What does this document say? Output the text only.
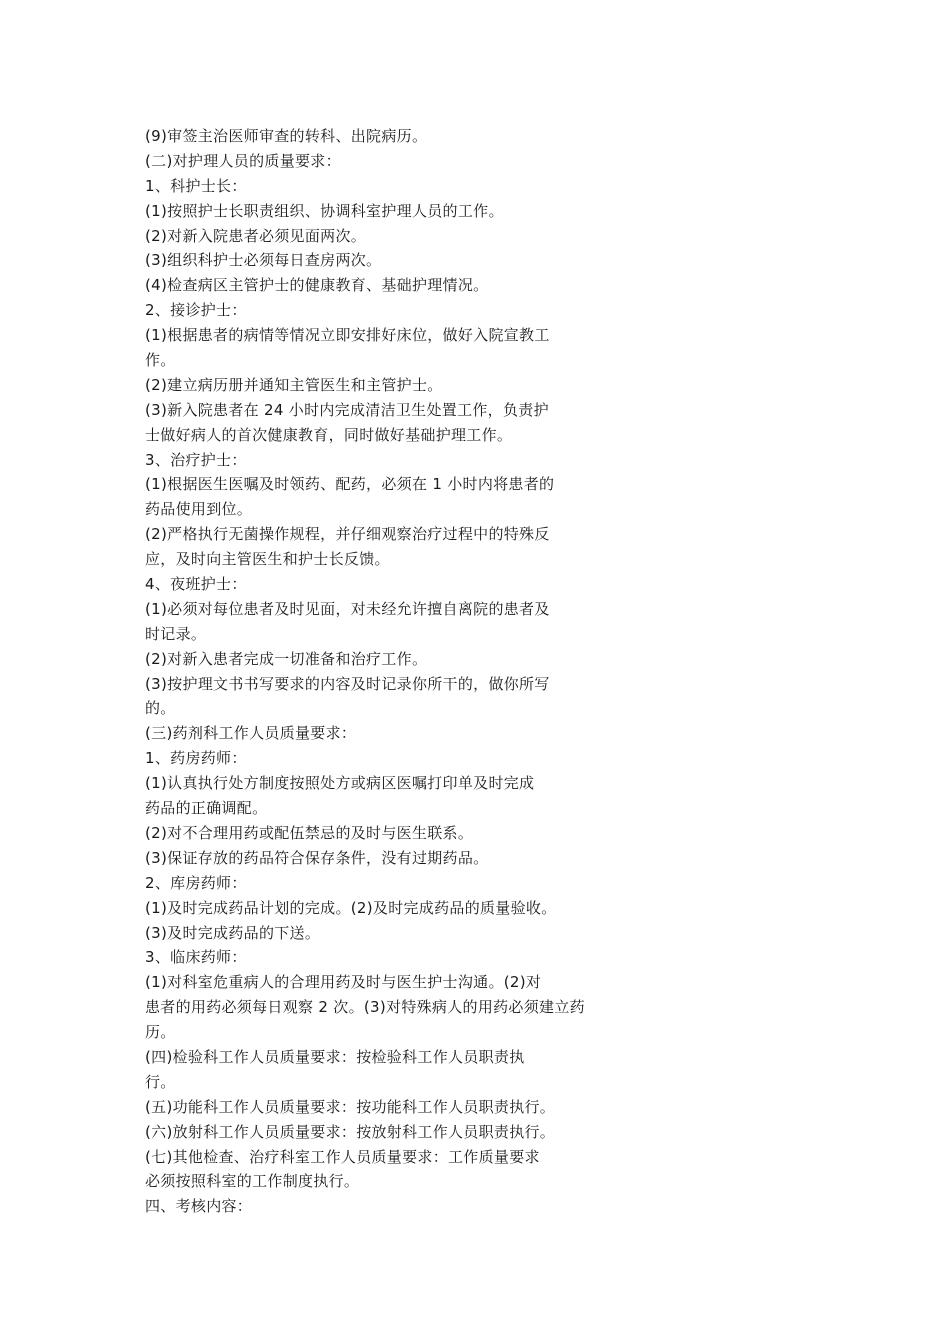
(9)审签主治医师审查的转科、出院病历。
(二)对护理人员的质量要求：
1、科护士长：
(1)按照护士长职责组织、协调科室护理人员的工作。
(2)对新入院患者必须见面两次。
(3)组织科护士必须每日查房两次。
(4)检查病区主管护士的健康教育、基础护理情况。
2、接诊护士：
(1)根据患者的病情等情况立即安排好床位，做好入院宣教工
作。
(2)建立病历册并通知主管医生和主管护士。
(3)新入院患者在 24 小时内完成清洁卫生处置工作，负责护
士做好病人的首次健康教育，同时做好基础护理工作。
3、治疗护士：
(1)根据医生医嘱及时领药、配药，必须在 1 小时内将患者的
药品使用到位。
(2)严格执行无菌操作规程，并仔细观察治疗过程中的特殊反
应，及时向主管医生和护士长反馈。
4、夜班护士：
(1)必须对每位患者及时见面，对未经允许擅自离院的患者及
时记录。
(2)对新入患者完成一切准备和治疗工作。
(3)按护理文书书写要求的内容及时记录你所干的，做你所写
的。
(三)药剂科工作人员质量要求：
1、药房药师：
(1)认真执行处方制度按照处方或病区医嘱打印单及时完成
药品的正确调配。
(2)对不合理用药或配伍禁忌的及时与医生联系。
(3)保证存放的药品符合保存条件，没有过期药品。
2、库房药师：
(1)及时完成药品计划的完成。(2)及时完成药品的质量验收。
(3)及时完成药品的下送。
3、临床药师：
(1)对科室危重病人的合理用药及时与医生护士沟通。(2)对
患者的用药必须每日观察 2 次。(3)对特殊病人的用药必须建立药
历。
(四)检验科工作人员质量要求：按检验科工作人员职责执
行。
(五)功能科工作人员质量要求：按功能科工作人员职责执行。
(六)放射科工作人员质量要求：按放射科工作人员职责执行。
(七)其他检查、治疗科室工作人员质量要求：工作质量要求
必须按照科室的工作制度执行。
四、考核内容：
